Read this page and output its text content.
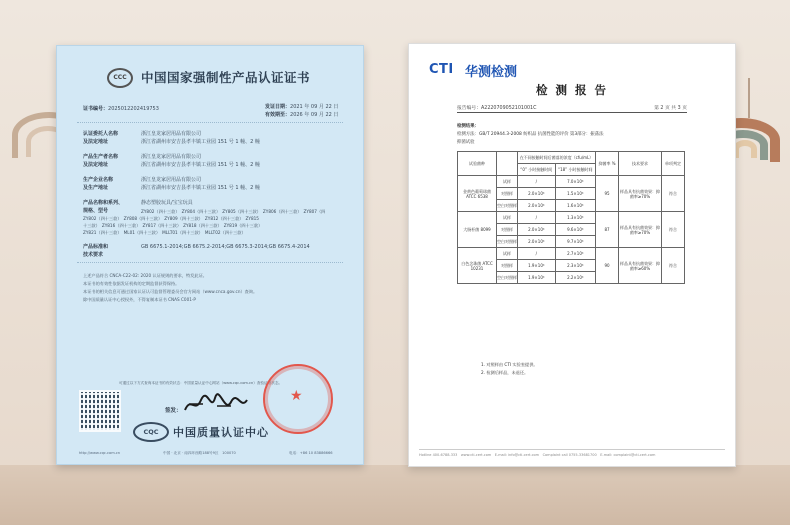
CCC	中国国家强制性产品认证证书
证书编号：2025012202419753	发证日期：2021 年 09 月 22 日
有效期至：2026 年 09 月 22 日
认证委托人名称
及法定地址
浙江皇龙家居用品有限公司
浙江省湖州市安吉县孝丰镇工业园 151 号 1 幢、2 幢
产品生产者名称
及法定地址
浙江皇龙家居用品有限公司
浙江省湖州市安吉县孝丰镇工业园 151 号 1 幢、2 幢
生产企业名称
及生产地址
浙江皇龙家居用品有限公司
浙江省湖州市安吉县孝丰镇工业园 151 号 1 幢、2 幢
产品名称和系列、
规格、型号
静态塑胶玩具/宝宝玩具
ZY802（四十三款）　ZY804（四十三款）　ZY805（四十三款）　ZY806（四十三款）　ZY807（四
ZY802（四十三款）　ZY808（四十三款）　ZY809（四十三款）　ZY812（四十三款）　ZY815
十三款）　ZY816（四十三款）　ZY817（四十三款）　ZY818（四十三款）　ZY819（四十三款）
ZY821（四十三款）　ML01（四十三款）　MLLT01（四十三款）　MLLT02（四十三款）
产品标准和
技术要求
GB 6675.1-2014;GB 6675.2-2014;GB 6675.3-2014;GB 6675.4-2014
上述产品符合 CNCA-C22-02: 2020 认证规则的要求，特发此证。
本证书的有效性依据发证机构的定期监督获得保持。
本证书的相关信息可通过国家认证认可监督管理委员会官方网站（www.cnca.gov.cn）查询。
除中国质量认证中心授权外，不得复制本证书 CNAS C001-P
可通过以下方式查询本证书的有效状态：中国质量认证中心网站（www.cqc.com.cn）查验证书状态。
签发：
★
CQC	中国质量认证中心
http://www.cqc.com.cn	中国 · 北京 · 南四环西路188号9区　100070	电话：+86 10 83886666
CTI 华测检测
检 测 报 告
报告编号：A2220709052101001C	第 2 页 共 3 页
检测结果：
检测方法：GB/T 20944.3-2008 纺织品 抗菌性能的评价 第3部分：振荡法
抑菌试验
试验菌种		在不同接触时间后菌落的浓度（cfu/mL）		抑菌率 %	技术要求	单项判定
		“0” 小时接触时间	“18” 小时接触时间			
金黄色葡萄球菌 ATCC 6538	试样	/	7.0×10⁴	95	样品具有抗菌效果：抑菌率≥70%	符合
	对照样	2.0×10⁴	1.5×10⁴			
	空白对照样	2.0×10⁴	1.6×10⁴			
大肠杆菌 8099	试样	/	1.3×10⁴	87	样品具有抗菌效果：抑菌率≥70%	符合
	对照样	2.0×10⁴	9.6×10⁴			
	空白对照样	2.0×10⁴	9.7×10⁴			
白色念珠菌 ATCC 10231	试样	/	2.7×10⁴	90	样品具有抗菌效果：抑菌率≥60%	符合
	对照样	1.9×10⁴	2.3×10⁴			
	空白对照样	1.9×10⁴	2.2×10⁴			
1. 对照样由 CTI 实验室提供。
2. 检测后样品，未退还。
Hotline 400-6788-333　www.cti-cert.com　E-mail: info@cti-cert.com　Complaint call 0755-33681700　E-mail: complaint@cti-cert.com
